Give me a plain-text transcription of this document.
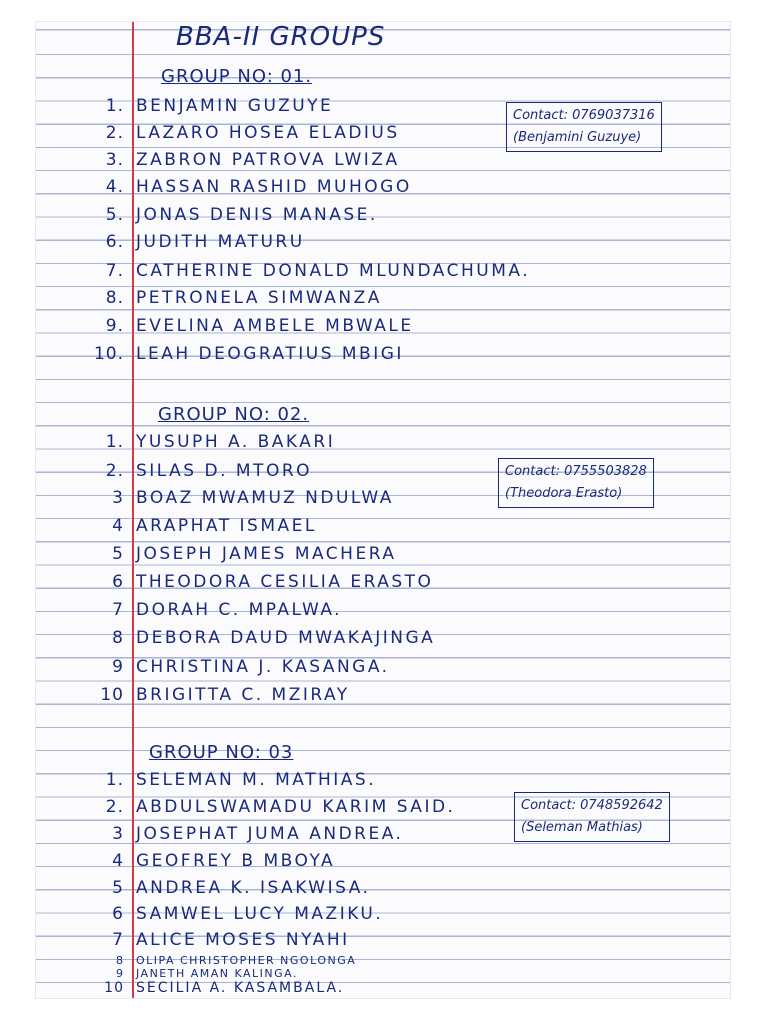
BBA-II GROUPS
GROUP NO: 01.
Contact: 0769037316
(Benjamini Guzuye)
1. BENJAMIN GUZUYE
2. LAZARO HOSEA ELADIUS
3. ZABRON PATROVA LWIZA
4. HASSAN RASHID MUHOGO
5. JONAS DENIS MANASE.
6. JUDITH MATURU
7. CATHERINE DONALD MLUNDACHUMA.
8. PETRONELA SIMWANZA
9. EVELINA AMBELE MBWALE
10. LEAH DEOGRATIUS MBIGI
GROUP NO: 02.
Contact: 0755503828
(Theodora Erasto)
1. YUSUPH A. BAKARI
2. SILAS D. MTORO
3 BOAZ MWAMUZ NDULWA
4 ARAPHAT ISMAEL
5 JOSEPH JAMES MACHERA
6 THEODORA CESILIA ERASTO
7 DORAH C. MPALWA.
8 DEBORA DAUD MWAKAJINGA
9 CHRISTINA J. KASANGA.
10 BRIGITTA C. MZIRAY
GROUP NO: 03
Contact: 0748592642
(Seleman Mathias)
1. SELEMAN M. MATHIAS.
2. ABDULSWAMADU KARIM SAID.
3 JOSEPHAT JUMA ANDREA.
4 GEOFREY B MBOYA
5 ANDREA K. ISAKWISA.
6 SAMWEL LUCY MAZIKU.
7 ALICE MOSES NYAHI
8 OLIPA CHRISTOPHER NGOLONGA
9 JANETH AMAN KALINGA.
10 SECILIA A. KASAMBALA.
